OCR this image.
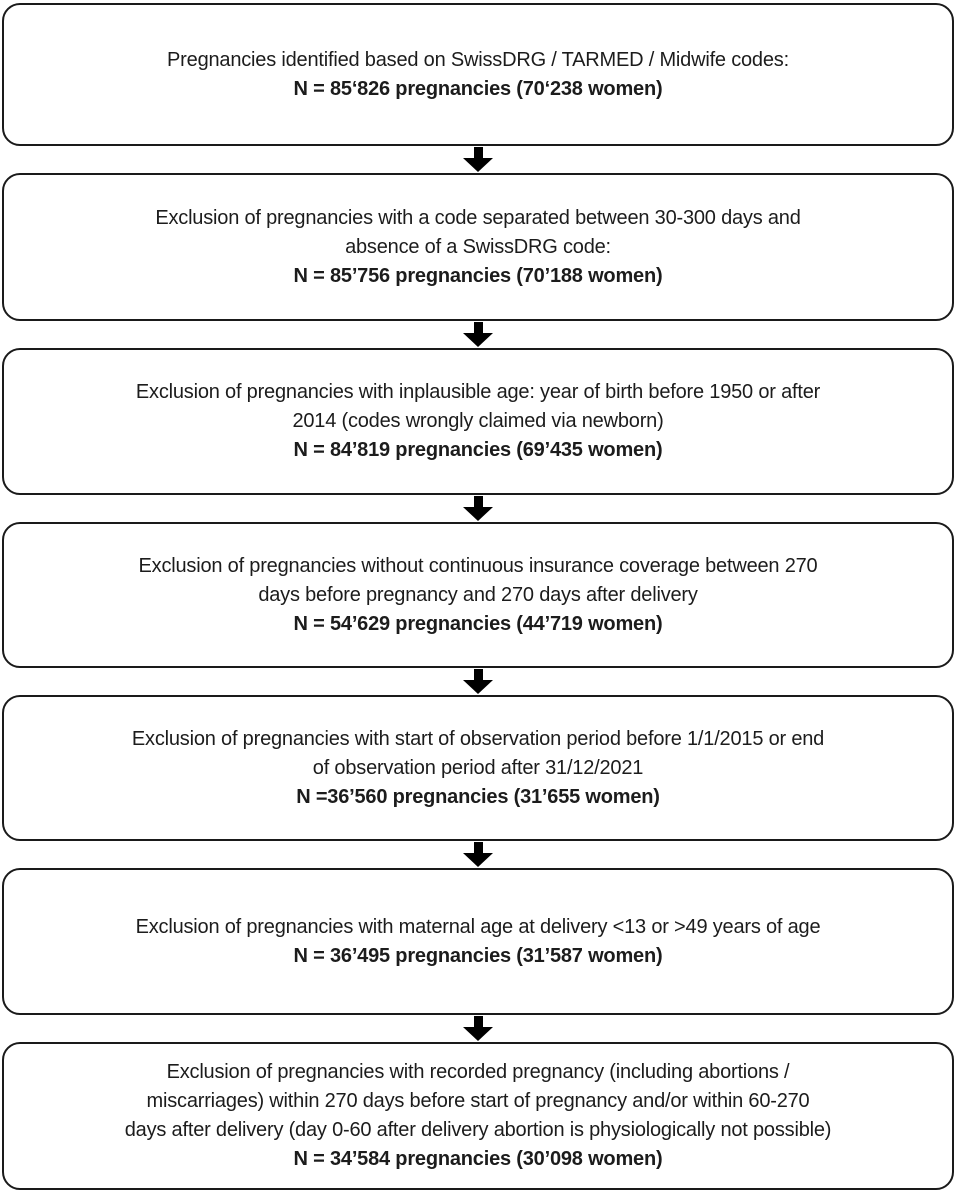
Pregnancies identified based on SwissDRG / TARMED / Midwife codes:
N = 85‘826 pregnancies (70‘238 women)
Exclusion of pregnancies with a code separated between 30-300 days and
absence of a SwissDRG code:
N = 85’756 pregnancies (70’188 women)
Exclusion of pregnancies with inplausible age: year of birth before 1950 or after
2014 (codes wrongly claimed via newborn)
N = 84’819 pregnancies (69’435 women)
Exclusion of pregnancies without continuous insurance coverage between 270
days before pregnancy and 270 days after delivery
N = 54’629 pregnancies (44’719 women)
Exclusion of pregnancies with start of observation period before 1/1/2015 or end
of observation period after 31/12/2021
N =36’560 pregnancies (31’655 women)
Exclusion of pregnancies with maternal age at delivery <13 or >49 years of age
N = 36’495 pregnancies (31’587 women)
Exclusion of pregnancies with recorded pregnancy (including abortions /
miscarriages) within 270 days before start of pregnancy and/or within 60-270
days after delivery (day 0-60 after delivery abortion is physiologically not possible)
N = 34’584 pregnancies (30’098 women)
